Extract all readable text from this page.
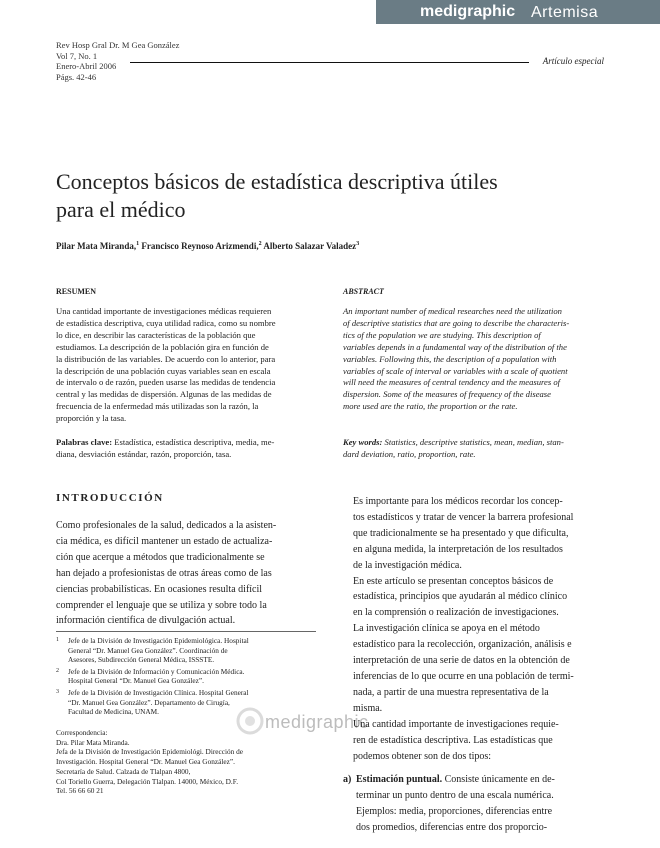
medigraphic Artemisa
Rev Hosp Gral Dr. M Gea González
Vol 7, No. 1
Enero-Abril 2006
Págs. 42-46
Artículo especial
Conceptos básicos de estadística descriptiva útiles
para el médico
Pilar Mata Miranda,$^1$ Francisco Reynoso Arizmendi,$^2$ Alberto Salazar Valadez$^3$
RESUMEN
Una cantidad importante de investigaciones médicas requieren
de estadística descriptiva, cuya utilidad radica, como su nombre
lo dice, en describir las características de la población que
estudiamos. La descripción de la población gira en función de
la distribución de las variables. De acuerdo con lo anterior, para
la descripción de una población cuyas variables sean en escala
de intervalo o de razón, pueden usarse las medidas de tendencia
central y las medidas de dispersión. Algunas de las medidas de
frecuencia de la enfermedad más utilizadas son la razón, la
proporción y la tasa.
Palabras clave: Estadística, estadística descriptiva, media, me-
diana, desviación estándar, razón, proporción, tasa.
ABSTRACT
An important number of medical researches need the utilization
of descriptive statistics that are going to describe the characteris-
tics of the population we are studying. This description of
variables depends in a fundamental way of the distribution of the
variables. Following this, the description of a population with
variables of scale of interval or variables with a scale of quotient
will need the measures of central tendency and the measures of
dispersion. Some of the measures of frequency of the disease
more used are the ratio, the proportion or the rate.
Key words: Statistics, descriptive statistics, mean, median, stan-
dard deviation, ratio, proportion, rate.
INTRODUCCIÓN
Como profesionales de la salud, dedicados a la asisten-
cia médica, es difícil mantener un estado de actualiza-
ción que acerque a métodos que tradicionalmente se
han dejado a profesionistas de otras áreas como de las
ciencias probabilísticas. En ocasiones resulta difícil
comprender el lenguaje que se utiliza y sobre todo la
información científica de divulgación actual.
1	Jefe de la División de Investigación Epidemiológica. Hospital
General “Dr. Manuel Gea González”. Coordinación de
Asesores, Subdirección General Médica, ISSSTE.
2	Jefe de la División de Información y Comunicación Médica.
Hospital General “Dr. Manuel Gea González”.
3	Jefe de la División de Investigación Clínica. Hospital General
“Dr. Manuel Gea González”. Departamento de Cirugía,
Facultad de Medicina, UNAM.
Correspondencia:
Dra. Pilar Mata Miranda.
Jefa de la División de Investigación Epidemiológi. Dirección de
Investigación. Hospital General “Dr. Manuel Gea González”.
Secretaría de Salud. Calzada de Tlalpan 4800,
Col Toriello Guerra, Delegación Tlalpan. 14000, México, D.F.
Tel. 56 66 60 21
medigraphic
Es importante para los médicos recordar los concep-
tos estadísticos y tratar de vencer la barrera profesional
que tradicionalmente se ha presentado y que dificulta,
en alguna medida, la interpretación de los resultados
de la investigación médica.
En este artículo se presentan conceptos básicos de
estadística, principios que ayudarán al médico clínico
en la comprensión o realización de investigaciones.
La investigación clínica se apoya en el método
estadístico para la recolección, organización, análisis e
interpretación de una serie de datos en la obtención de
inferencias de lo que ocurre en una población de termi-
nada, a partir de una muestra representativa de la
misma.
Una cantidad importante de investigaciones requie-
ren de estadística descriptiva. Las estadísticas que
podemos obtener son de dos tipos:
a) Estimación puntual. Consiste únicamente en de-
terminar un punto dentro de una escala numérica.
Ejemplos: media, proporciones, diferencias entre
dos promedios, diferencias entre dos proporcio-
